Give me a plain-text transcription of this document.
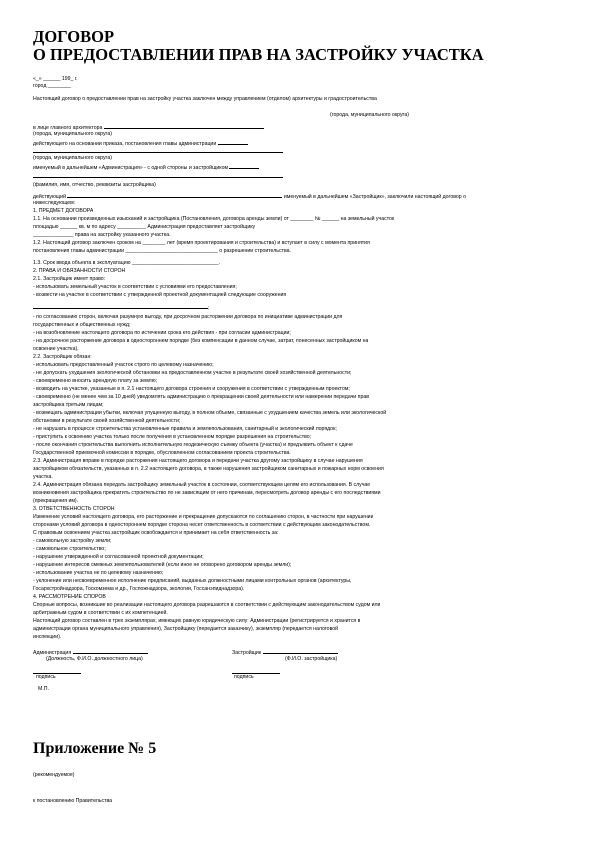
ДОГОВОР
О ПРЕДОСТАВЛЕНИИ ПРАВ НА ЗАСТРОЙКУ УЧАСТКА
«_» ______ 199_ г.
город ________
Настоящий договор о предоставлении прав на застройку участка заключен между управлением (отделом) архитектуры и градостроительства
(города, муниципального округа)
в лице главного архитектора
(города, муниципального округа)
действующего на основании приказа, постановления главы администрации
(города, муниципального округа)
именуемый в дальнейшем «Администрация» - с одной стороны и застройщиком
(фамилия, имя, отчество, реквизиты застройщика)
действующий	именуемый в дальнейшем «Застройщик», заключили настоящий договор о
нижеследующем:
1. ПРЕДМЕТ ДОГОВОРА
1.1. На основании произведенных изысканий и застройщика (Постановления, договора аренды земли) от ________ № ______ на земельный участок
площадью ______ кв. м по адресу __________ Администрация предоставляет застройщику
______________ права на застройку указанного участка.
1.2. Настоящий договор заключен сроком на ________ лет (время проектирования и строительства) и вступает в силу с момента принятия
постановления главы администрации ________________________________ о разрешении строительства.
1.3. Срок ввода объекта в эксплуатацию ______________________________.
2. ПРАВА И ОБЯЗАННОСТИ СТОРОН
2.1. Застройщик имеет право:
- использовать земельный участок в соответствии с условиями его предоставления;
- возвести на участке в соответствии с утвержденной проектной документацией следующие сооружения
;
- по согласованию сторон, включая разумную выгоду, при досрочном расторжении договора по инициативе администрации для
государственных и общественных нужд;
- на возобновление настоящего договора по истечении срока его действия - при согласии администрации;
- на досрочное расторжение договора в одностороннем порядке (без компенсации в данном случае, затрат, понесенных застройщиком на
освоение участка).
2.2. Застройщик обязан:
- использовать предоставленный участок строго по целевому назначению;
- не допускать ухудшения экологической обстановки на предоставленном участке в результате своей хозяйственной деятельности;
- своевременно вносить арендную плату за землю;
- возводить на участке, указанные в п. 2.1 настоящего договора строения и сооружения в соответствии с утвержденным проектом;
- своевременно (не менее чем за 10 дней) уведомлять администрацию о прекращении своей деятельности или намерении передачи прав
застройщика третьим лицам;
- возмещать администрации убытки, включая упущенную выгоду, в полном объеме, связанные с ухудшением качества земель или экологической
обстановки в результате своей хозяйственной деятельности;
- не нарушать в процессе строительства установленные правила и землепользования, санитарный и экологический порядок;
- приступить к освоению участка только после получения в установленном порядке разрешения на строительство;
- после окончания строительства выполнить исполнительную геодезическую съемку объекта (участка) и предъявить объект к сдаче
Государственной приемочной комиссии в порядке, обусловленном согласованием проекта строительства.
2.3. Администрация вправе в порядке расторжения настоящего договора и передачи участка другому застройщику в случае нарушения
застройщиком обязательств, указанных в п. 2.2 настоящего договора, в также нарушения застройщиком санитарных и пожарных норм освоения
участка.
2.4. Администрация обязана передать застройщику земельный участок в состоянии, соответствующем целям его использования. В случае
возникновения застройщика прекратить строительство по не зависящим от него причинам, пересмотреть договор аренды с его последствиями
(прекращения им).
3. ОТВЕТСТВЕННОСТЬ СТОРОН
Изменение условий настоящего договора, его расторжение и прекращение допускаются по соглашению сторон, в частности при нарушении
сторонами условий договора в одностороннем порядке сторона несет ответственность в соответствии с действующим законодательством.
С правовым освоением участка застройщик освобождается и принимает на себя ответственность за:
- самовольную застройку земли;
- самовольное строительство;
- нарушение утвержденной и согласованной проектной документации;
- нарушение интересов смежных землепользователей (если иное не оговорено договором аренды земли);
- использование участка не по целевому назначению;
- уклонение или несвоевременное исполнение предписаний, выданных должностными лицами контрольных органов (архитектуры,
Госархстройнадзора, Госкомзема и др., Госпожнадзора, экологии, Госсанэпиднадзора).
4. РАССМОТРЕНИЕ СПОРОВ
Спорные вопросы, возникшие во реализации настоящего договора разрешаются в соответствии с действующим законодательством судом или
арбитражным судом в соответствии с их компетенцией.
Настоящий договор составлен в трех экземплярах, имеющих равную юридическую силу: Администрации (регистрируется и хранится в
администрации органа муниципального управления), Застройщику (передается заказчику), экземпляр (передается налоговой
инспекции).
Администрация	Застройщик
(Должность, Ф.И.О. должностного лица)	(Ф.И.О. застройщика)
подпись	подпись
М.П.
Приложение № 5
(рекомендуемое)
к постановлению Правительства
